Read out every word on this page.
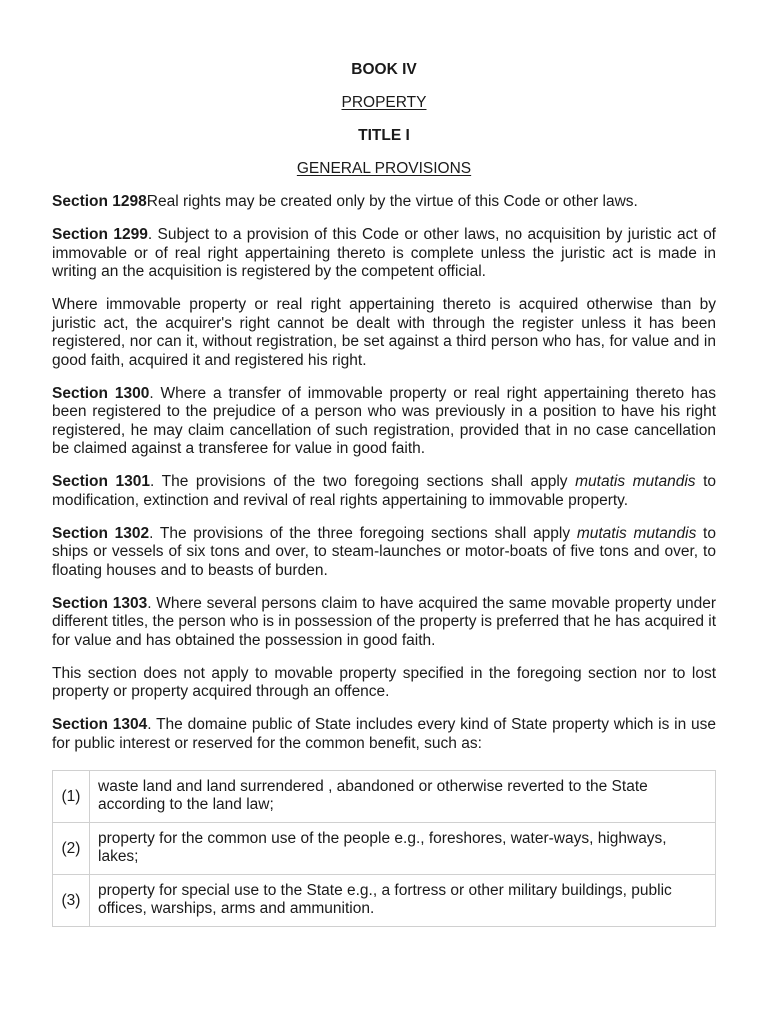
BOOK IV
PROPERTY
TITLE I
GENERAL PROVISIONS

Section 1298Real rights may be created only by the virtue of this Code or other laws.

Section 1299. Subject to a provision of this Code or other laws, no acquisition by juristic act of immovable or of real right appertaining thereto is complete unless the juristic act is made in writing an the acquisition is registered by the competent official.

Where immovable property or real right appertaining thereto is acquired otherwise than by juristic act, the acquirer's right cannot be dealt with through the register unless it has been registered, nor can it, without registration, be set against a third person who has, for value and in good faith, acquired it and registered his right.

Section 1300. Where a transfer of immovable property or real right appertaining thereto has been registered to the prejudice of a person who was previously in a position to have his right registered, he may claim cancellation of such registration, provided that in no case cancellation be claimed against a transferee for value in good faith.

Section 1301. The provisions of the two foregoing sections shall apply mutatis mutandis to modification, extinction and revival of real rights appertaining to immovable property.

Section 1302. The provisions of the three foregoing sections shall apply mutatis mutandis to ships or vessels of six tons and over, to steam-launches or motor-boats of five tons and over, to floating houses and to beasts of burden.

Section 1303. Where several persons claim to have acquired the same movable property under different titles, the person who is in possession of the property is preferred that he has acquired it for value and has obtained the possession in good faith.

This section does not apply to movable property specified in the foregoing section nor to lost property or property acquired through an offence.

Section 1304. The domaine public of State includes every kind of State property which is in use for public interest or reserved for the common benefit, such as:

(1)	waste land and land surrendered , abandoned or otherwise reverted to the State according to the land law;
(2)	property for the common use of the people e.g., foreshores, water-ways, highways, lakes;
(3)	property for special use to the State e.g., a fortress or other military buildings, public offices, warships, arms and ammunition.
